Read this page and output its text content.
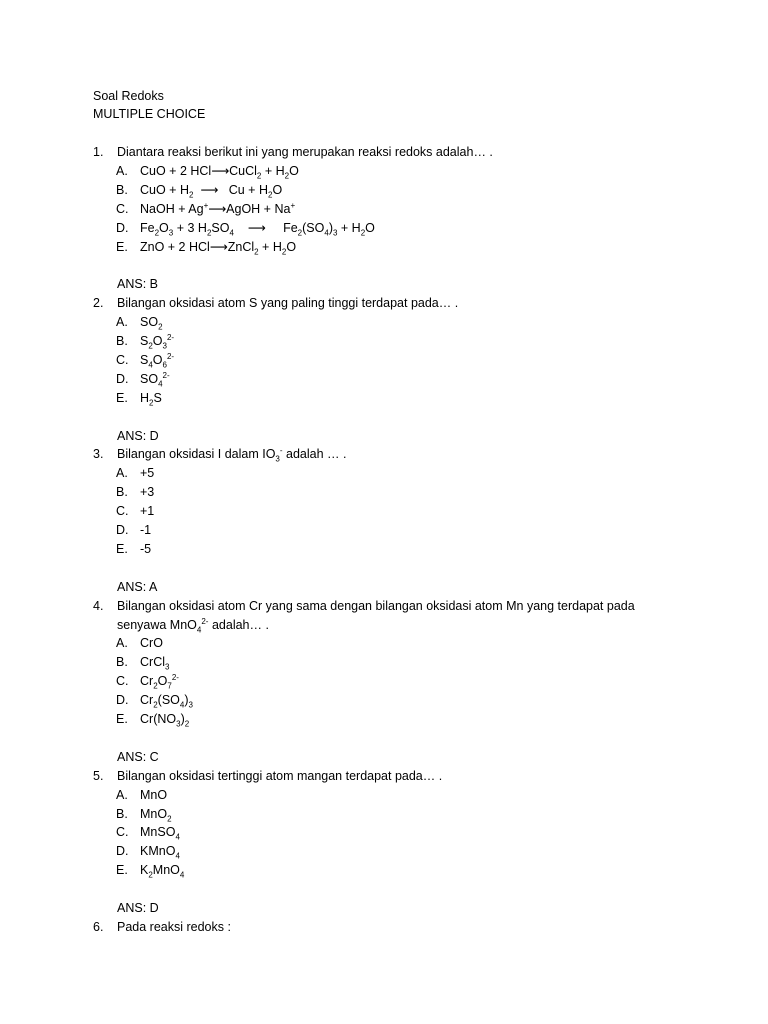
Soal Redoks
MULTIPLE CHOICE
1. Diantara reaksi berikut ini yang merupakan reaksi redoks adalah… .
A. CuO + 2 HCl⟶CuCl$_2$ + $H_2O$
B. CuO + $H_2$  ⟶   $Cu + H_2O$
C. NaOH + Ag+⟶AgOH + Na+
D. $Fe_2O_3 + 3$ $H_2SO_4$    ⟶     $Fe_2(SO_4)_3 + H_2O$
E. ZnO + 2 HCl⟶ZnCl$_2$ + $H_2O$
ANS: B
2. Bilangan oksidasi atom S yang paling tinggi terdapat pada… .
A. $SO_2$
B. $S_2O_3^{2-}$
C. $S_4O_6^{2-}$
D. $SO_4^{2-}$
E. $H_2S$
ANS: D
3. Bilangan oksidasi I dalam $IO_3^-$ adalah … .
A. +5
B. +3
C. +1
D. -1
E. -5
ANS: A
4. Bilangan oksidasi atom Cr yang sama dengan bilangan oksidasi atom Mn yang terdapat pada
senyawa MnO$_4^{2-}$ adalah… .
A. CrO
B. CrCl$_3$
C. $Cr_2O_7^{2-}$
D. $Cr_2(SO_4)_3$
E. $Cr(NO_3)_2$
ANS: C
5. Bilangan oksidasi tertinggi atom mangan terdapat pada… .
A. MnO
B. MnO$_2$
C. MnSO$_4$
D. KMnO$_4$
E. $K_2MnO_4$
ANS: D
6. Pada reaksi redoks :
